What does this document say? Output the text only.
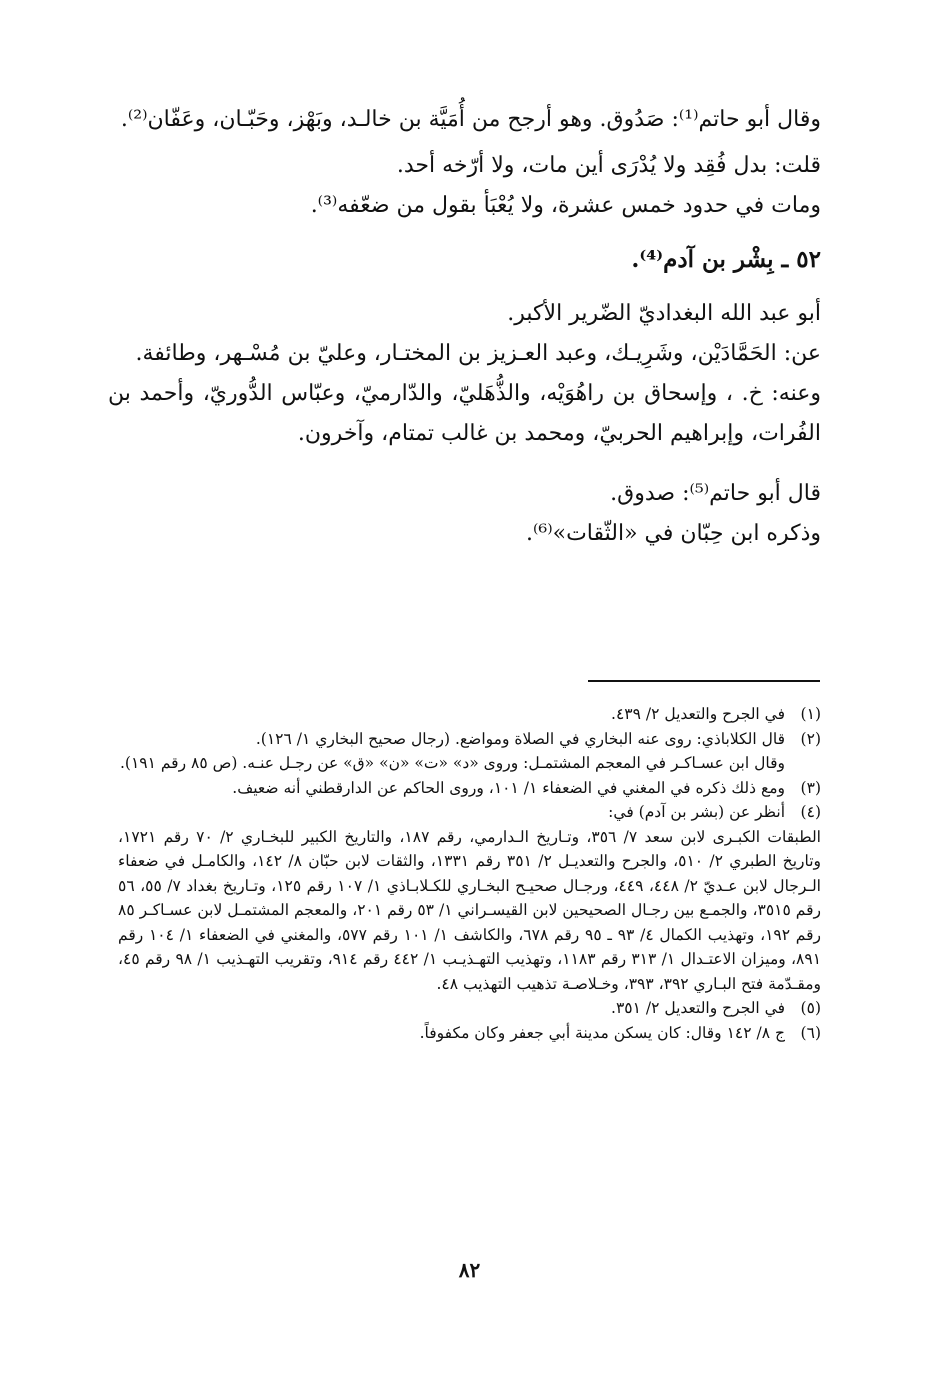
وقال أبو حاتم⁽¹⁾: صَدُوق. وهو أرجح من أُمَيَّة بن خالـد، وبَهْز، وحَبّـان، وعَفّان⁽²⁾.

قلت: بدل فُقِد ولا يُدْرَى أين مات، ولا أرّخه أحد.

ومات في حدود خمس عشرة، ولا يُعْبَأ بقول من ضعّفه⁽³⁾.

٥٢ ـ بِشْر بن آدم⁽⁴⁾.

أبو عبد الله البغداديّ الضّرير الأكبر.

عن: الحَمَّادَيْن، وشَرِيـك، وعبد العـزيز بن المختـار، وعليّ بن مُسْـهر، وطائفة.

وعنه: خ. ، وإسحاق بن راهُوَيْه، والذُّهَليّ، والدّارميّ، وعبّاس الدُّوريّ، وأحمد بن الفُرات، وإبراهيم الحربيّ، ومحمد بن غالب تمتام، وآخرون.

قال أبو حاتم⁽⁵⁾: صدوق.

وذكره ابن حِبّان في «الثّقات»⁽⁶⁾.

(١)

في الجرح والتعديل ٢/ ٤٣٩.

(٢)

قال الكلاباذي: روى عنه البخاري في الصلاة ومواضع. (رجال صحيح البخاري ١/ ١٢٦).

وقال ابن عسـاكـر في المعجم المشتمـل: وروى «د» «ت» «ن» «ق» عن رجـل عنـه. (ص ٨٥ رقم ١٩١).

(٣)

ومع ذلك ذكره في المغني في الضعفاء ١/ ١٠١، وروى الحاكم عن الدارقطني أنه ضعيف.

(٤)

أنظر عن (بشر بن آدم) في:

الطبقات الكبـرى لابن سعد ٧/ ٣٥٦، وتـاريخ الـدارمي، رقم ١٨٧، والتاريخ الكبير للبخـاري ٢/ ٧٠ رقم ١٧٢١، وتاريخ الطبري ٢/ ٥١٠، والجرح والتعديـل ٢/ ٣٥١ رقم ١٣٣١، والثقات لابن حبّان ٨/ ١٤٢، والكامـل في ضعفاء الـرجال لابن عـديّ ٢/ ٤٤٨، ٤٤٩، ورجـال صحيـح البخـاري للكـلابـاذي ١/ ١٠٧ رقم ١٢٥، وتـاريخ بغداد ٧/ ٥٥، ٥٦ رقم ٣٥١٥، والجمـع بين رجـال الصحيحين لابن القيسـراني ١/ ٥٣ رقم ٢٠١، والمعجم المشتمـل لابن عسـاكـر ٨٥ رقم ١٩٢، وتهذيب الكمال ٤/ ٩٣ ـ ٩٥ رقم ٦٧٨، والكاشف ١/ ١٠١ رقم ٥٧٧، والمغني في الضعفاء ١/ ١٠٤ رقم ٨٩١، وميزان الاعتـدال ١/ ٣١٣ رقم ١١٨٣، وتهذيب التهـذيـب ١/ ٤٤٢ رقم ٩١٤، وتقريب التهـذيب ١/ ٩٨ رقم ٤٥، ومقـدّمة فتح البـاري ٣٩٢، ٣٩٣، وخـلاصـة تذهيب التهذيب ٤٨.

(٥)

في الجرح والتعديل ٢/ ٣٥١.

(٦)

ج ٨/ ١٤٢ وقال: كان يسكن مدينة أبي جعفر وكان مكفوفاً.

٨٢
